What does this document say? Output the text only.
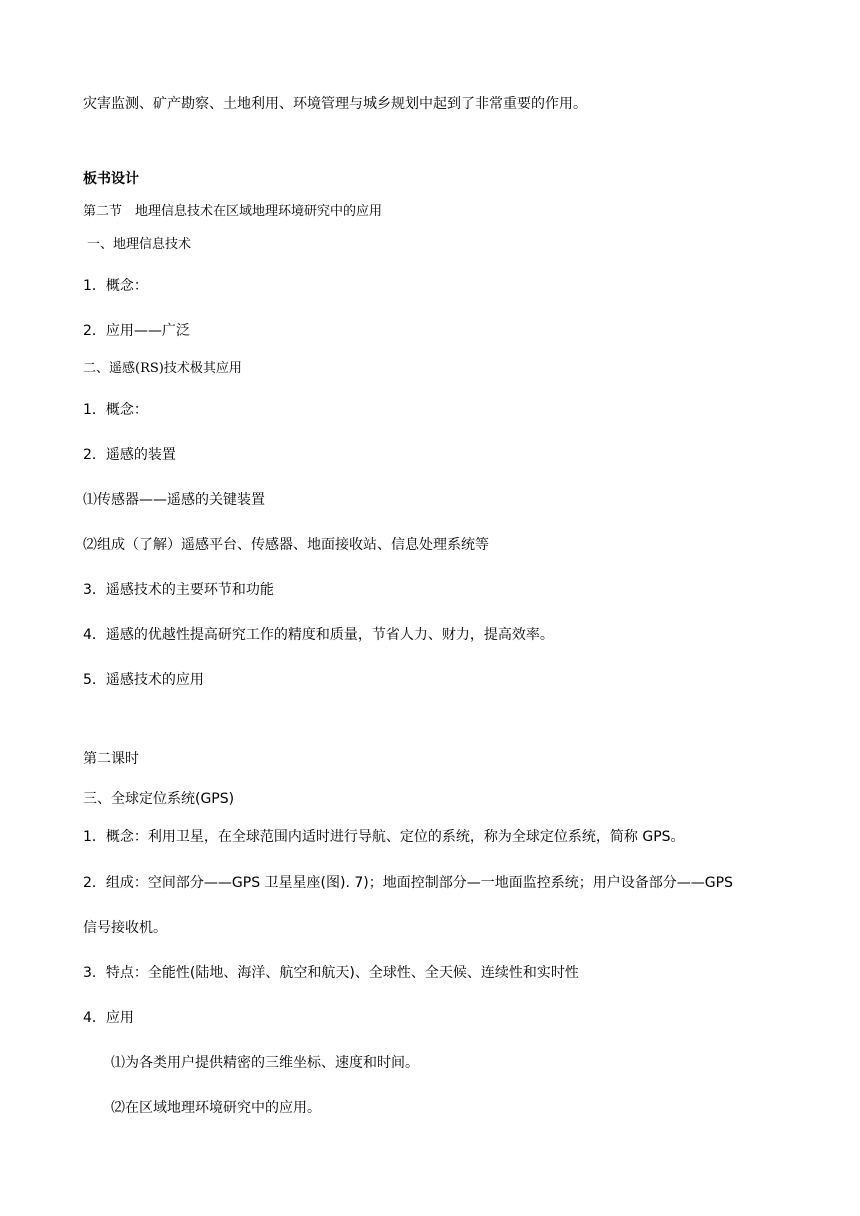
灾害监测、矿产勘察、土地利用、环境管理与城乡规划中起到了非常重要的作用。
板书设计
第二节　地理信息技术在区域地理环境研究中的应用
一、地理信息技术
1．概念：
2．应用——广泛
二、遥感(RS)技术极其应用
1．概念：
2．遥感的装置
⑴传感器——遥感的关键装置
⑵组成（了解）遥感平台、传感器、地面接收站、信息处理系统等
3．遥感技术的主要环节和功能
4．遥感的优越性提高研究工作的精度和质量，节省人力、财力，提高效率。
5．遥感技术的应用
第二课时
三、全球定位系统(GPS)
1．概念：利用卫星，在全球范围内适时进行导航、定位的系统，称为全球定位系统，简称 GPS。
2．组成：空间部分——GPS 卫星星座(图). 7)；地面控制部分—一地面监控系统；用户设备部分——GPS
信号接收机。
3．特点：全能性(陆地、海洋、航空和航天)、全球性、全天候、连续性和实时性
4．应用
⑴为各类用户提供精密的三维坐标、速度和时间。
⑵在区域地理环境研究中的应用。
